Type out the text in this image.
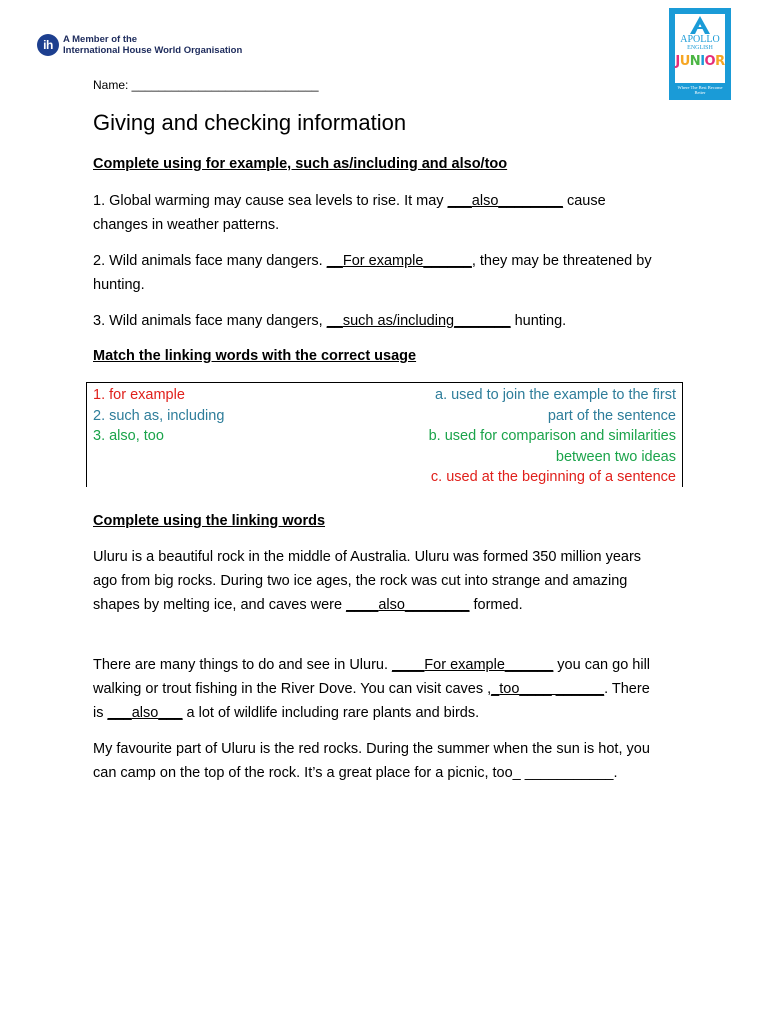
ih	A Member of the
International House World Organisation
APOLLO
ENGLISH
JUNIOR
Where The Best Become Better
Name: ____________________________
Giving and checking information
Complete using for example, such as/including and also/too
1. Global warming may cause sea levels to rise. It may ___also________ cause changes in weather patterns.
2. Wild animals face many dangers. __For example______, they may be threatened by hunting.
3. Wild animals face many dangers, __such as/including_______ hunting.
Match the linking words with the correct usage
1. for example
2. such as, including
3. also, too
a. used to join the example to the first
part of the sentence
b. used for comparison and similarities
between two ideas
c. used at the beginning of a sentence
Complete using the linking words
Uluru is a beautiful rock in the middle of Australia. Uluru was formed 350 million years ago from big rocks. During two ice ages, the rock was cut into strange and amazing shapes by melting ice, and caves were ____also________ formed.
There are many things to do and see in Uluru. ____For example______ you can go hill walking or trout fishing in the River Dove. You can visit caves ,_too____ ______. There is ___also___ a lot of wildlife including rare plants and birds.
My favourite part of Uluru is the red rocks. During the summer when the sun is hot, you can camp on the top of the rock. It’s a great place for a picnic, too_ ___________.
